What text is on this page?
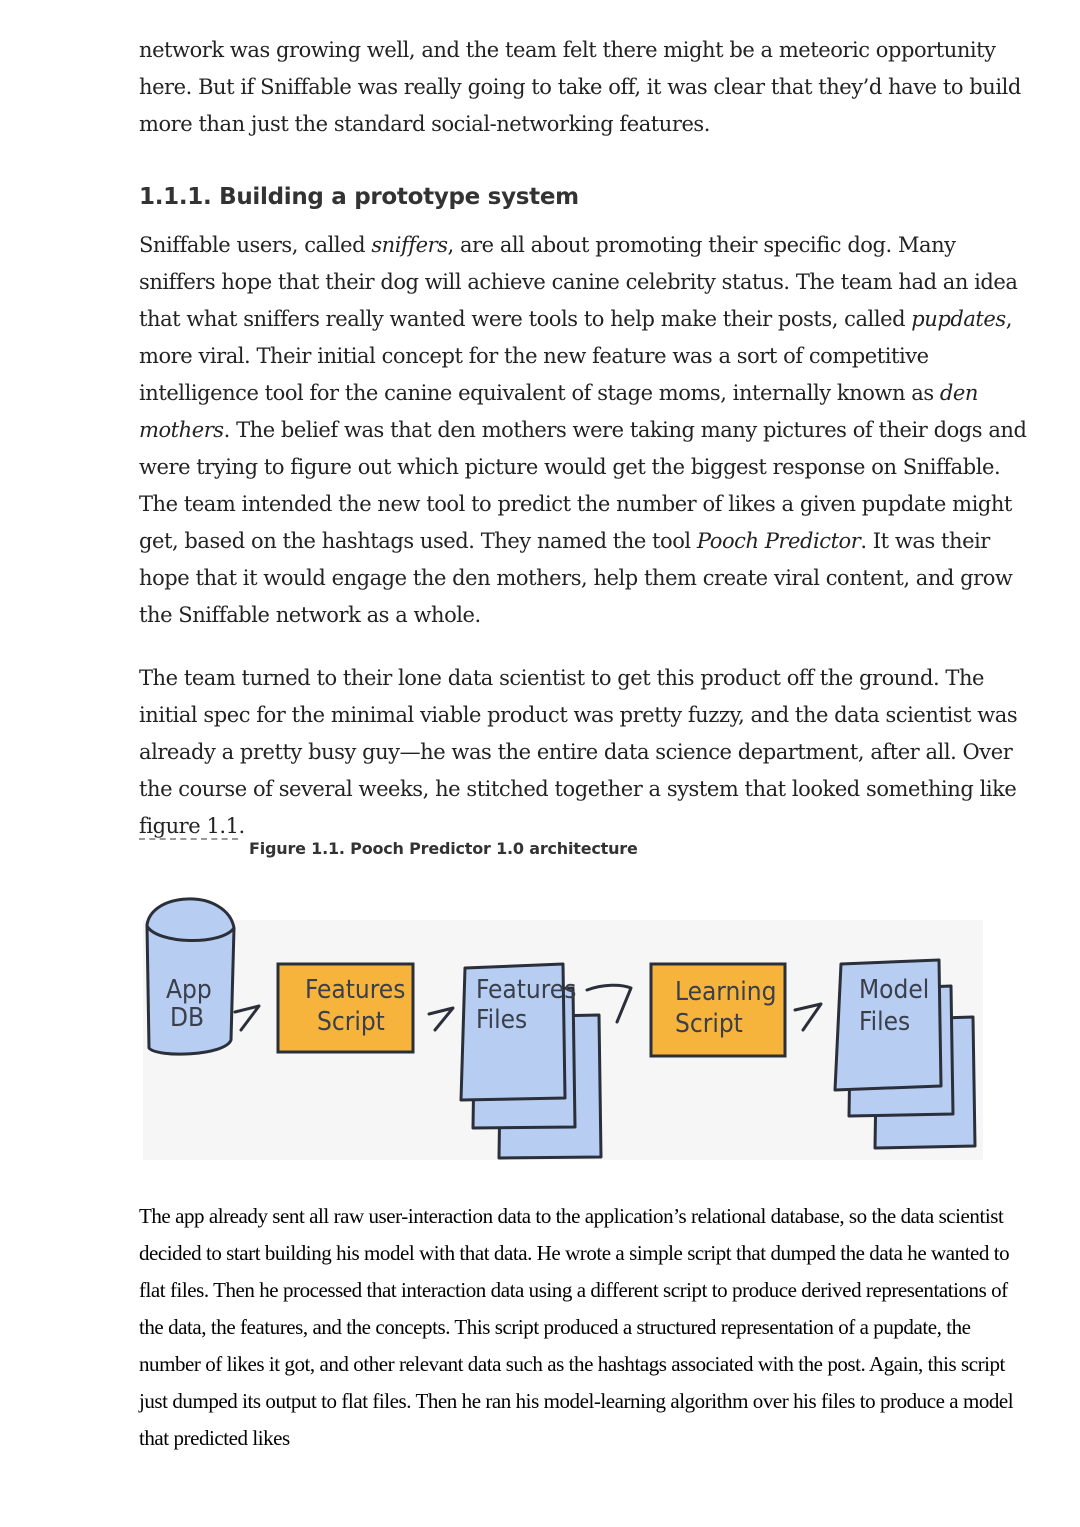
network was growing well, and the team felt there might be a meteoric opportunity here. But if Sniffable was really going to take off, it was clear that they’d have to build more than just the standard social-networking features.

1.1.1. Building a prototype system

Sniffable users, called sniffers, are all about promoting their specific dog. Many sniffers hope that their dog will achieve canine celebrity status. The team had an idea that what sniffers really wanted were tools to help make their posts, called pupdates, more viral. Their initial concept for the new feature was a sort of competitive intelligence tool for the canine equivalent of stage moms, internally known as den mothers. The belief was that den mothers were taking many pictures of their dogs and were trying to figure out which picture would get the biggest response on Sniffable. The team intended the new tool to predict the number of likes a given pupdate might get, based on the hashtags used. They named the tool Pooch Predictor. It was their hope that it would engage the den mothers, help them create viral content, and grow the Sniffable network as a whole.

The team turned to their lone data scientist to get this product off the ground. The initial spec for the minimal viable product was pretty fuzzy, and the data scientist was already a pretty busy guy—he was the entire data science department, after all. Over the course of several weeks, he stitched together a system that looked something like figure 1.1.

Figure 1.1. Pooch Predictor 1.0 architecture
App
DB
Features
Script
Features
Files
Learning
Script
Model
Files

The app already sent all raw user-interaction data to the application’s relational database, so the data scientist decided to start building his model with that data. He wrote a simple script that dumped the data he wanted to flat files. Then he processed that interaction data using a different script to produce derived representations of the data, the features, and the concepts. This script produced a structured representation of a pupdate, the number of likes it got, and other relevant data such as the hashtags associated with the post. Again, this script just dumped its output to flat files. Then he ran his model-learning algorithm over his files to produce a model that predicted likes
